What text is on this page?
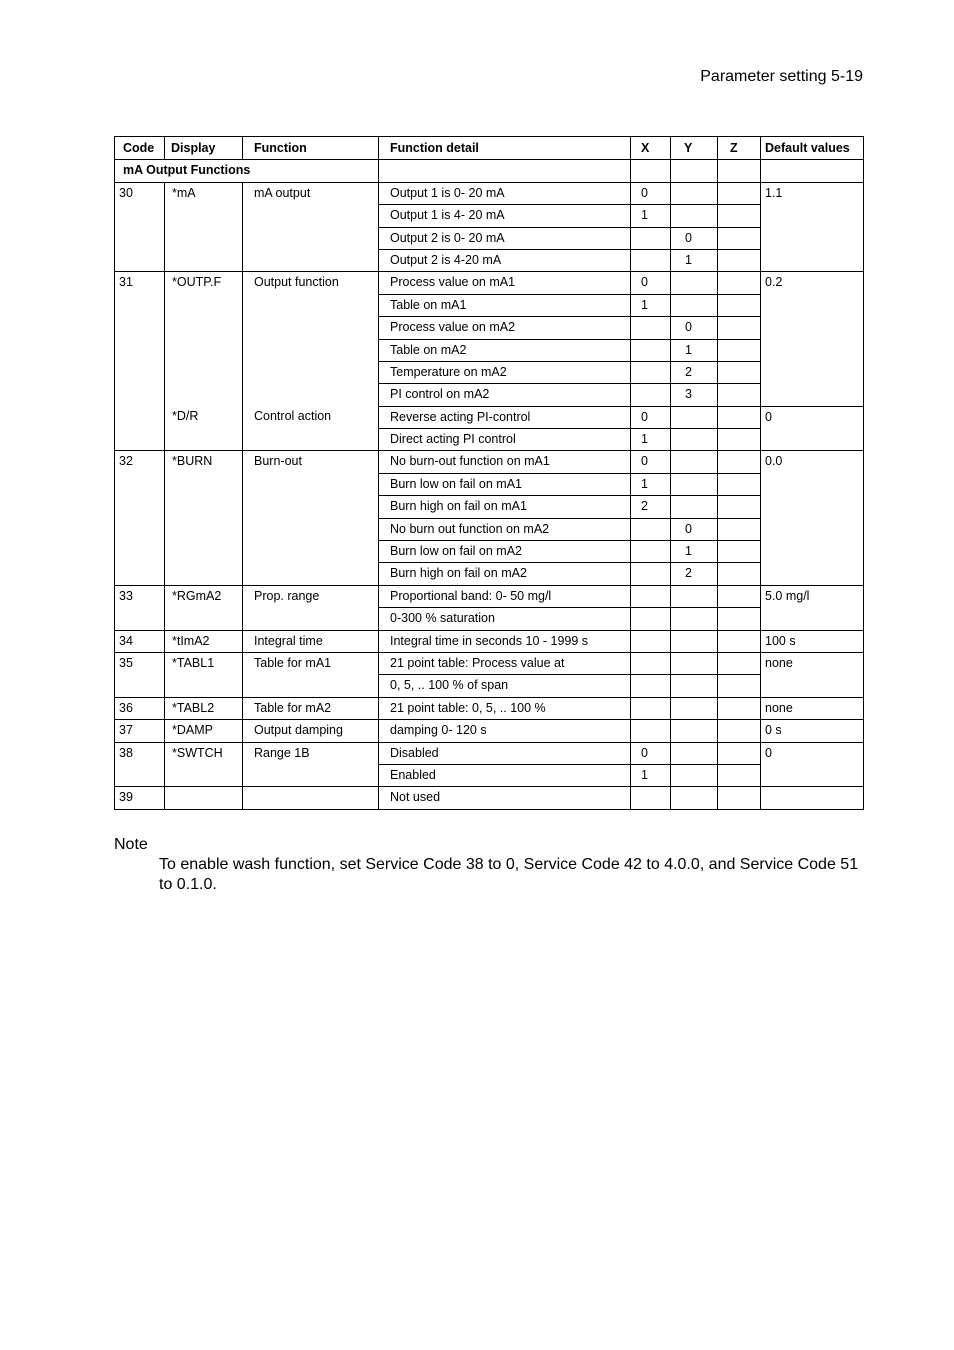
Parameter setting 5-19
Code	Display	Function	Function detail	X	Y	Z	Default values
mA Output Functions							
30	*mA	mA output	Output 1 is 0- 20 mA	0			1.1
			Output 1 is 4- 20 mA	1			
			Output 2 is 0- 20 mA		0		
			Output 2 is 4-20 mA		1		
31	*OUTP.F	Output function	Process value on mA1	0			0.2
			Table on mA1	1			
			Process value on mA2		0		
			Table on mA2		1		
			Temperature on mA2		2		
			PI control on mA2		3		
	*D/R	Control action	Reverse acting PI-control	0			0
			Direct acting PI control	1			
32	*BURN	Burn-out	No burn-out function on mA1	0			0.0
			Burn low on fail on mA1	1			
			Burn high on fail on mA1	2			
			No burn out function on mA2		0		
			Burn low on fail on mA2		1		
			Burn high on fail on mA2		2		
33	*RGmA2	Prop. range	Proportional band: 0- 50 mg/l				5.0 mg/l
			0-300 % saturation				
34	*tImA2	Integral time	Integral time in seconds 10 - 1999 s				100 s
35	*TABL1	Table for mA1	21 point table: Process value at				none
			0, 5, .. 100 % of span				
36	*TABL2	Table for mA2	21 point table: 0, 5, .. 100 %				none
37	*DAMP	Output damping	damping 0- 120 s				0 s
38	*SWTCH	Range 1B	Disabled	0			0
			Enabled	1			
39			Not used				
Note
To enable wash function, set Service Code 38 to 0, Service Code 42 to 4.0.0, and Service Code 51 to 0.1.0.
